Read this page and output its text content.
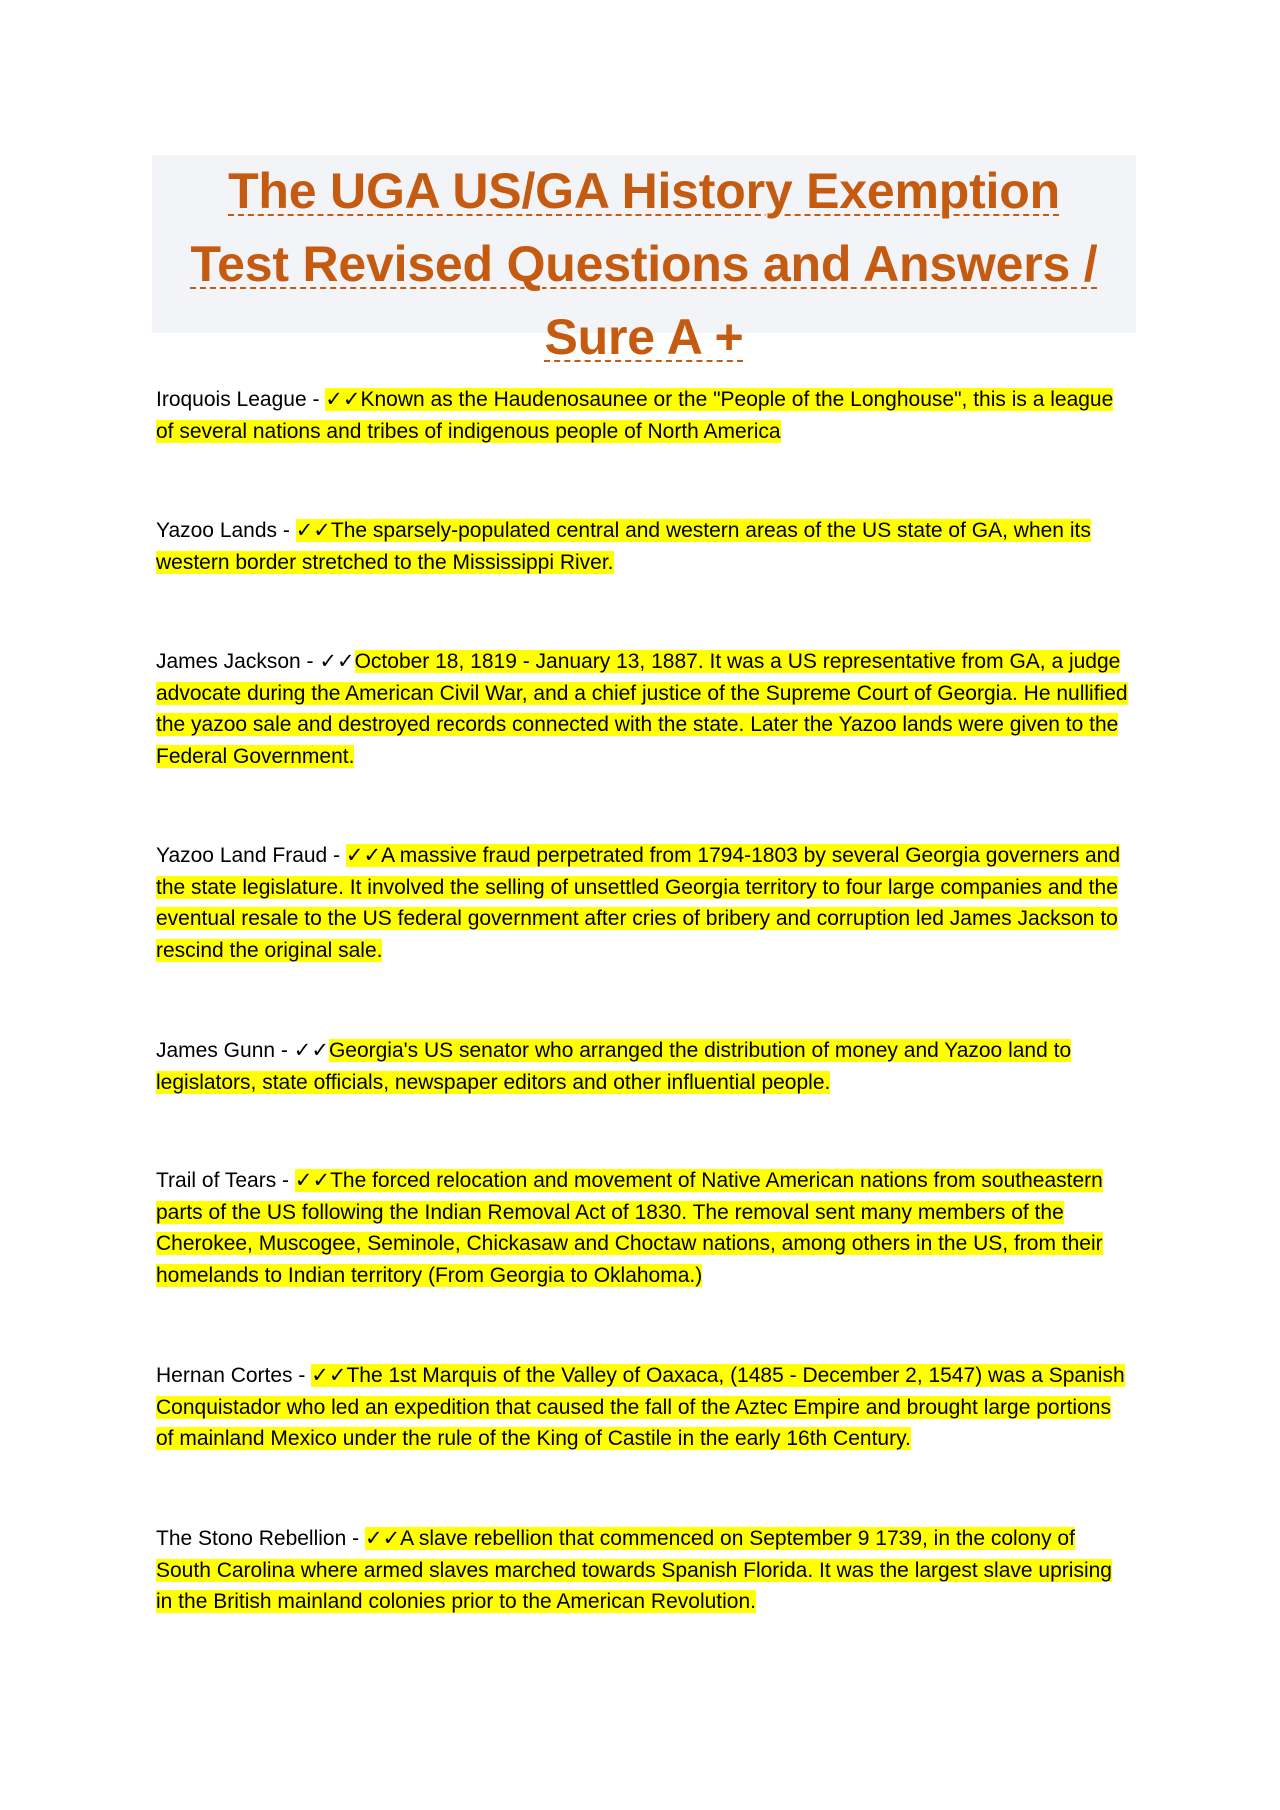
The UGA US/GA History Exemption
Test Revised Questions and Answers /
Sure A +

Iroquois League - ✓✓Known as the Haudenosaunee or the "People of the Longhouse", this is a league of several nations and tribes of indigenous people of North America

Yazoo Lands - ✓✓The sparsely-populated central and western areas of the US state of GA, when its western border stretched to the Mississippi River.

James Jackson - ✓✓October 18, 1819 - January 13, 1887. It was a US representative from GA, a judge advocate during the American Civil War, and a chief justice of the Supreme Court of Georgia. He nullified the yazoo sale and destroyed records connected with the state. Later the Yazoo lands were given to the Federal Government.

Yazoo Land Fraud - ✓✓A massive fraud perpetrated from 1794-1803 by several Georgia governers and the state legislature. It involved the selling of unsettled Georgia territory to four large companies and the eventual resale to the US federal government after cries of bribery and corruption led James Jackson to rescind the original sale.

James Gunn - ✓✓Georgia's US senator who arranged the distribution of money and Yazoo land to legislators, state officials, newspaper editors and other influential people.

Trail of Tears - ✓✓The forced relocation and movement of Native American nations from southeastern parts of the US following the Indian Removal Act of 1830. The removal sent many members of the Cherokee, Muscogee, Seminole, Chickasaw and Choctaw nations, among others in the US, from their homelands to Indian territory (From Georgia to Oklahoma.)

Hernan Cortes - ✓✓The 1st Marquis of the Valley of Oaxaca, (1485 - December 2, 1547) was a Spanish Conquistador who led an expedition that caused the fall of the Aztec Empire and brought large portions of mainland Mexico under the rule of the King of Castile in the early 16th Century.

The Stono Rebellion - ✓✓A slave rebellion that commenced on September 9 1739, in the colony of South Carolina where armed slaves marched towards Spanish Florida. It was the largest slave uprising in the British mainland colonies prior to the American Revolution.
